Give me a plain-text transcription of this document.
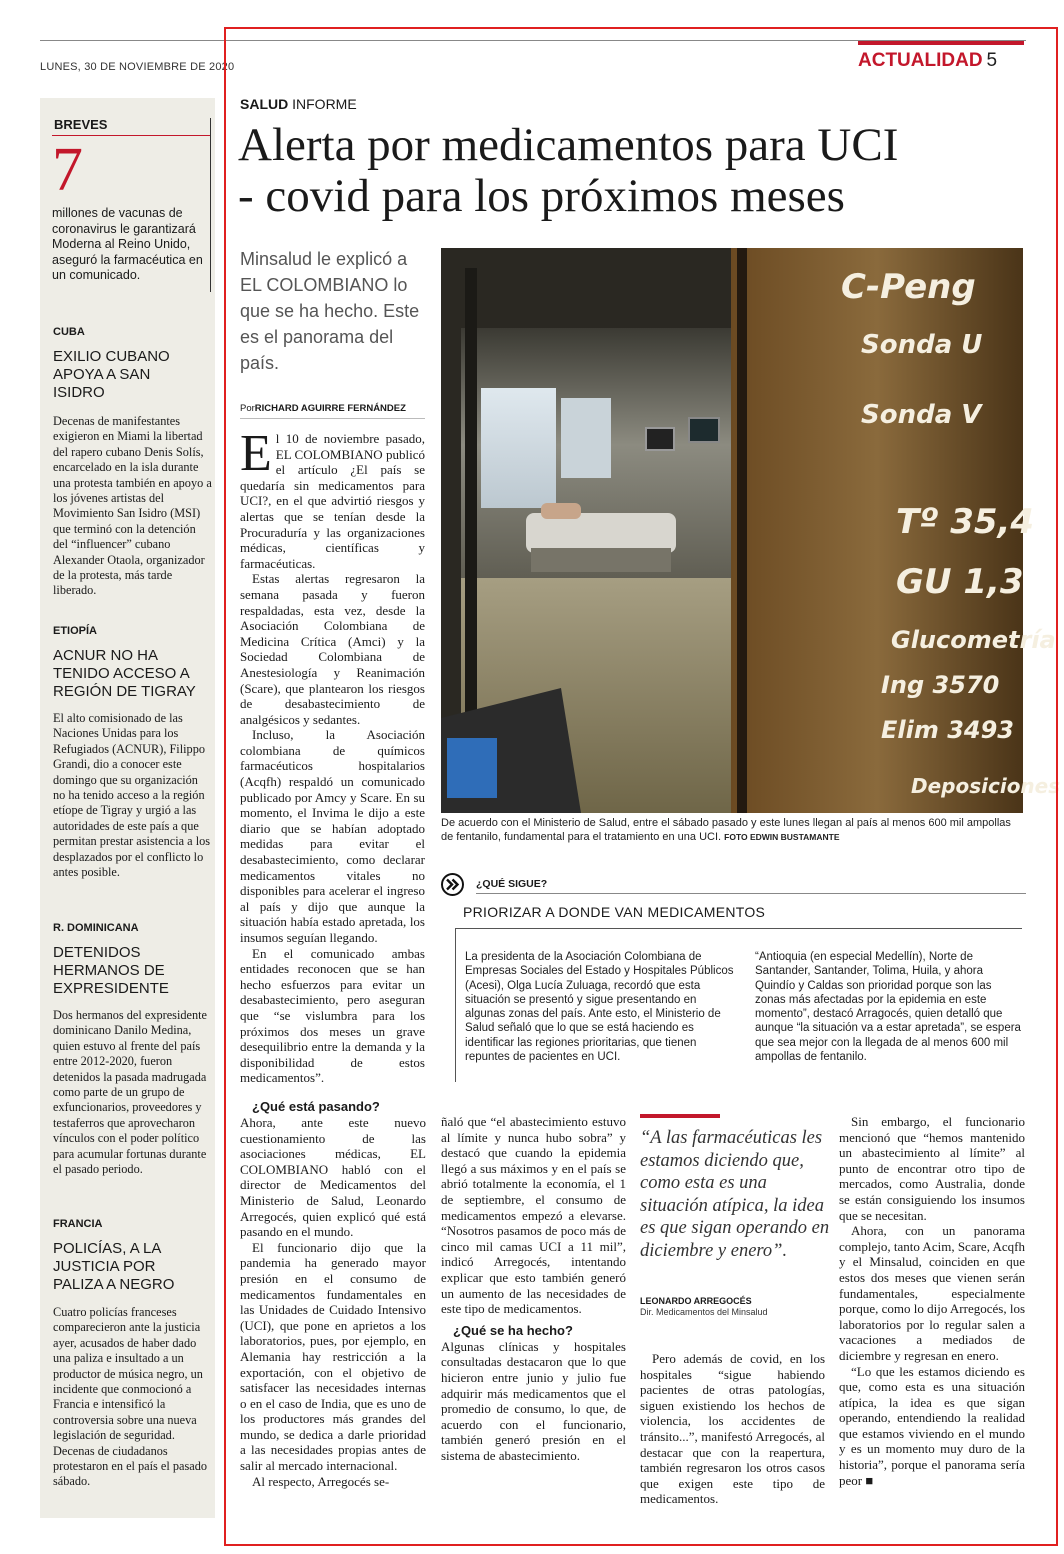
LUNES, 30 DE NOVIEMBRE DE 2020	ACTUALIDAD 5
BREVES
7
millones de vacunas de coronavirus le garantizará Moderna al Reino Unido, aseguró la farmacéutica en un comunicado.
CUBA
EXILIO CUBANO APOYA A SAN ISIDRO
Decenas de manifestantes exigieron en Miami la libertad del rapero cubano Denis Solís, encarcelado en la isla durante una protesta también en apoyo a los jóvenes artistas del Movimiento San Isidro (MSI) que terminó con la detención del “influencer” cubano Alexander Otaola, organizador de la protesta, más tarde liberado.
ETIOPÍA
ACNUR NO HA TENIDO ACCESO A REGIÓN DE TIGRAY
El alto comisionado de las Naciones Unidas para los Refugiados (ACNUR), Filippo Grandi, dio a conocer este domingo que su organización no ha tenido acceso a la región etíope de Tigray y urgió a las autoridades de este país a que permitan prestar asistencia a los desplazados por el conflicto lo antes posible.
R. DOMINICANA
DETENIDOS HERMANOS DE EXPRESIDENTE
Dos hermanos del expresidente dominicano Danilo Medina, quien estuvo al frente del país entre 2012-2020, fueron detenidos la pasada madrugada como parte de un grupo de exfuncionarios, proveedores y testaferros que aprovecharon vínculos con el poder político para acumular fortunas durante el pasado periodo.
FRANCIA
POLICÍAS, A LA JUSTICIA POR PALIZA A NEGRO
Cuatro policías franceses comparecieron ante la justicia ayer, acusados de haber dado una paliza e insultado a un productor de música negro, un incidente que conmocionó a Francia e intensificó la controversia sobre una nueva legislación de seguridad. Decenas de ciudadanos protestaron en el país el pasado sábado.
SALUD INFORME
Alerta por medicamentos para UCI
- covid para los próximos meses
Minsalud le explicó a EL COLOMBIANO lo que se ha hecho. Este es el panorama del país.
PorRICHARD AGUIRRE FERNÁNDEZ

El 10 de noviembre pasado, EL COLOMBIANO publicó el artículo ¿El país se quedaría sin medicamentos para UCI?, en el que advirtió riesgos y alertas que se tenían desde la Procuraduría y las organizaciones médicas, científicas y farmacéuticas.

Estas alertas regresaron la semana pasada y fueron respaldadas, esta vez, desde la Asociación Colombiana de Medicina Crítica (Amci) y la Sociedad Colombiana de Anestesiología y Reanimación (Scare), que plantearon los riesgos de desabastecimiento de analgésicos y sedantes.

Incluso, la Asociación colombiana de químicos farmacéuticos hospitalarios (Acqfh) respaldó un comunicado publicado por Amcy y Scare. En su momento, el Invima le dijo a este diario que se habían adoptado medidas para evitar el desabastecimiento, como declarar medicamentos vitales no disponibles para acelerar el ingreso al país y dijo que aunque la situación había estado apretada, los insumos seguían llegando.

En el comunicado ambas entidades reconocen que se han hecho esfuerzos para evitar un desabastecimiento, pero aseguran que “se vislumbra para los próximos dos meses un grave desequilibrio entre la demanda y la disponibilidad de estos medicamentos”.

¿Qué está pasando?

Ahora, ante este nuevo cuestionamiento de las asociaciones médicas, EL COLOMBIANO habló con el director de Medicamentos del Ministerio de Salud, Leonardo Arregocés, quien explicó qué está pasando en el mundo.

El funcionario dijo que la pandemia ha generado mayor presión en el consumo de medicamentos fundamentales en las Unidades de Cuidado Intensivo (UCI), que pone en aprietos a los laboratorios, pues, por ejemplo, en Alemania hay restricción a la exportación, con el objetivo de satisfacer las necesidades internas o en el caso de India, que es uno de los productores más grandes del mundo, se dedica a darle prioridad a las necesidades propias antes de salir al mercado internacional.

Al respecto, Arregocés se-

ñaló que “el abastecimiento estuvo al límite y nunca hubo sobra” y destacó que cuando la epidemia llegó a sus máximos y en el país se abrió totalmente la economía, el 1 de septiembre, el consumo de medicamentos empezó a elevarse. “Nosotros pasamos de poco más de cinco mil camas UCI a 11 mil”, indicó Arregocés, intentando explicar que esto también generó un aumento de las necesidades de este tipo de medicamentos.

¿Qué se ha hecho?

Algunas clínicas y hospitales consultadas destacaron que lo que hicieron entre junio y julio fue adquirir más medicamentos que el promedio de consumo, lo que, de acuerdo con el funcionario, también generó presión en el sistema de abastecimiento.

Pero además de covid, en los hospitales “sigue habiendo pacientes de otras patologías, siguen existiendo los hechos de violencia, los accidentes de tránsito...”, manifestó Arregocés, al destacar que con la reapertura, también regresaron los otros casos que exigen este tipo de medicamentos.

Sin embargo, el funcionario mencionó que “hemos mantenido un abastecimiento al límite” al punto de encontrar otro tipo de mercados, como Australia, donde se están consiguiendo los insumos que se necesitan.

Ahora, con un panorama complejo, tanto Acim, Scare, Acqfh y el Minsalud, coinciden en que estos dos meses que vienen serán fundamentales, especialmente porque, como lo dijo Arregocés, los laboratorios por lo regular salen a vacaciones a mediados de diciembre y regresan en enero.

“Lo que les estamos diciendo es que, como esta es una situación atípica, la idea es que sigan operando, entendiendo la realidad que estamos viviendo en el mundo y es un momento muy duro de la historia”, porque el panorama sería peor ■

C-Peng
Sonda U
Sonda V
Tº 35,4
GU 1,3
Glucometría
Ing 3570
Elim 3493
Deposiciones
De acuerdo con el Ministerio de Salud, entre el sábado pasado y este lunes llegan al país al menos 600 mil ampollas de fentanilo, fundamental para el tratamiento en una UCI. FOTO EDWIN BUSTAMANTE
¿QUÉ SIGUE?
PRIORIZAR A DONDE VAN MEDICAMENTOS
La presidenta de la Asociación Colombiana de Empresas Sociales del Estado y Hospitales Públicos (Acesi), Olga Lucía Zuluaga, recordó que esta situación se presentó y sigue presentando en algunas zonas del país. Ante esto, el Ministerio de Salud señaló que lo que se está haciendo es identificar las regiones prioritarias, que tienen repuntes de pacientes en UCI.
“Antioquia (en especial Medellín), Norte de Santander, Santander, Tolima, Huila, y ahora Quindío y Caldas son prioridad porque son las zonas más afectadas por la epidemia en este momento”, destacó Arragocés, quien detalló que aunque “la situación va a estar apretada”, se espera que sea mejor con la llegada de al menos 600 mil ampollas de fentanilo.
“A las farmacéuticas les estamos diciendo que, como esta es una situación atípica, la idea es que sigan operando en diciembre y enero”.
LEONARDO ARREGOCÉS
Dir. Medicamentos del Minsalud
